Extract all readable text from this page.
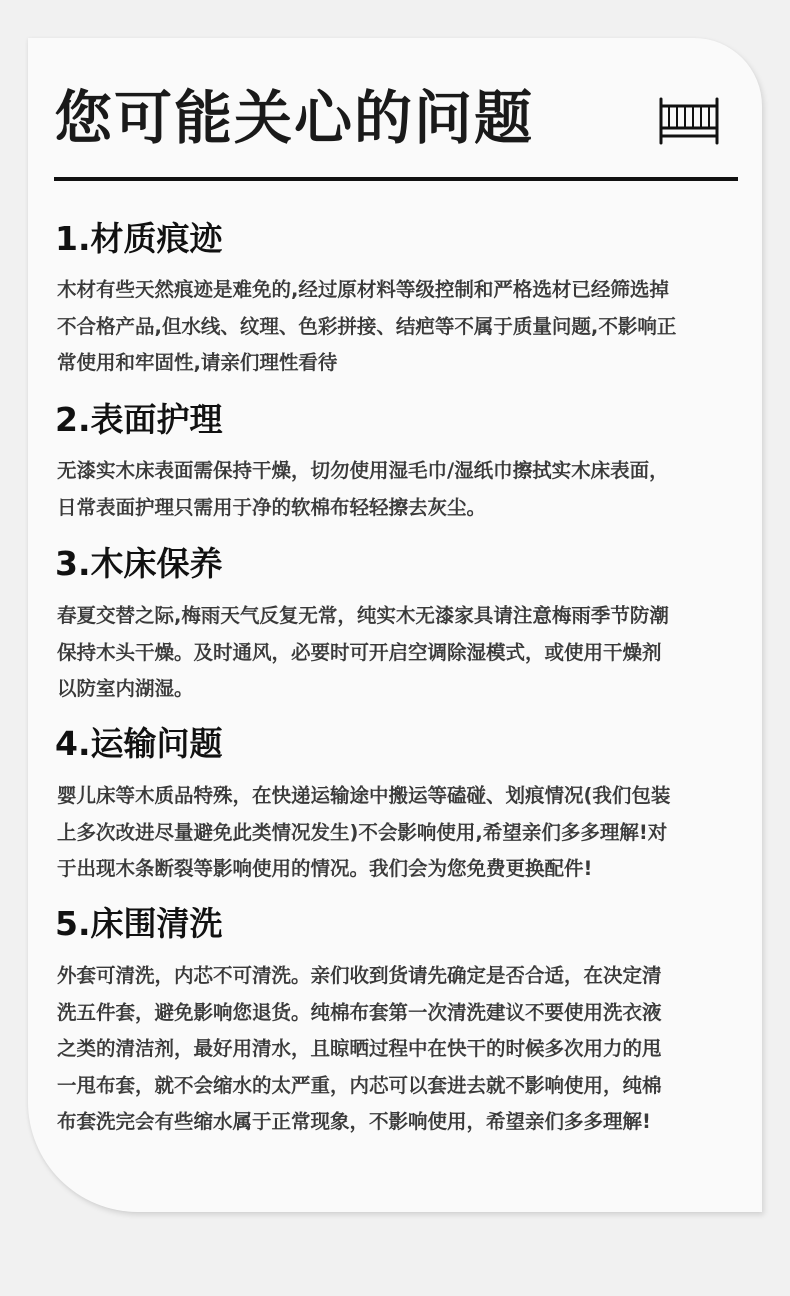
您可能关心的问题
1.材质痕迹
木材有些天然痕迹是难免的,经过原材料等级控制和严格选材已经筛选掉
不合格产品,但水线、纹理、色彩拼接、结疤等不属于质量问题,不影响正
常使用和牢固性,请亲们理性看待
2.表面护理
无漆实木床表面需保持干燥，切勿使用湿毛巾/湿纸巾擦拭实木床表面，
日常表面护理只需用于净的软棉布轻轻擦去灰尘。
3.木床保养
春夏交替之际,梅雨天气反复无常，纯实木无漆家具请注意梅雨季节防潮
保持木头干燥。及时通风，必要时可开启空调除湿模式，或使用干燥剂
以防室内湖湿。
4.运输问题
婴儿床等木质品特殊，在快递运输途中搬运等磕碰、划痕情况(我们包装
上多次改进尽量避免此类情况发生)不会影响使用,希望亲们多多理解!对
于出现木条断裂等影响使用的情况。我们会为您免费更换配件!
5.床围清洗
外套可清洗，内芯不可清洗。亲们收到货请先确定是否合适，在决定清
洗五件套，避免影响您退货。纯棉布套第一次清洗建议不要使用洗衣液
之类的清洁剂，最好用清水，且晾晒过程中在快干的时候多次用力的甩
一甩布套，就不会缩水的太严重，内芯可以套进去就不影响使用，纯棉
布套洗完会有些缩水属于正常现象，不影响使用，希望亲们多多理解!
